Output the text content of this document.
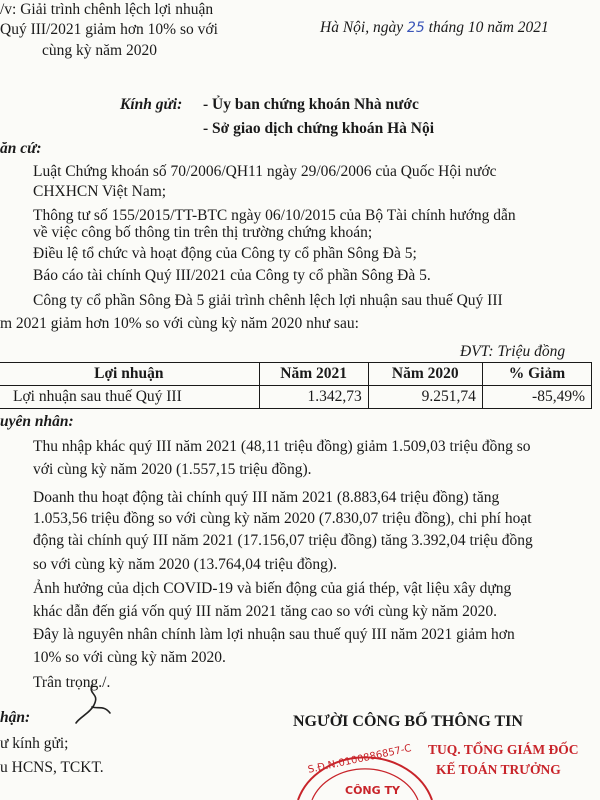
/v: Giải trình chênh lệch lợi nhuận
Quý III/2021 giảm hơn 10% so với
cùng kỳ năm 2020
Hà Nội, ngày 25 tháng 10 năm 2021
Kính gửi: - Ủy ban chứng khoán Nhà nước
- Sở giao dịch chứng khoán Hà Nội
ăn cứ:
Luật Chứng khoán số 70/2006/QH11 ngày 29/06/2006 của Quốc Hội nước
CHXHCN Việt Nam;
Thông tư số 155/2015/TT-BTC ngày 06/10/2015 của Bộ Tài chính hướng dẫn
về việc công bố thông tin trên thị trường chứng khoán;
Điều lệ tổ chức và hoạt động của Công ty cổ phần Sông Đà 5;
Báo cáo tài chính Quý III/2021 của Công ty cổ phần Sông Đà 5.
Công ty cổ phần Sông Đà 5 giải trình chênh lệch lợi nhuận sau thuế Quý III
m 2021 giảm hơn 10% so với cùng kỳ năm 2020 như sau:
ĐVT: Triệu đồng
Lợi nhuận	Năm 2021	Năm 2020	% Giảm
Lợi nhuận sau thuế Quý III	1.342,73	9.251,74	-85,49%
uyên nhân:
Thu nhập khác quý III năm 2021 (48,11 triệu đồng) giảm 1.509,03 triệu đồng so
với cùng kỳ năm 2020 (1.557,15 triệu đồng).
Doanh thu hoạt động tài chính quý III năm 2021 (8.883,64 triệu đồng) tăng
1.053,56 triệu đồng so với cùng kỳ năm 2020 (7.830,07 triệu đồng), chi phí hoạt
động tài chính quý III năm 2021 (17.156,07 triệu đồng) tăng 3.392,04 triệu đồng
so với cùng kỳ năm 2020 (13.764,04 triệu đồng).
Ảnh hưởng của dịch COVID-19 và biến động của giá thép, vật liệu xây dựng
khác dẫn đến giá vốn quý III năm 2021 tăng cao so với cùng kỳ năm 2020.
Đây là nguyên nhân chính làm lợi nhuận sau thuế quý III năm 2021 giảm hơn
10% so với cùng kỳ năm 2020.
Trân trọng./.
hận:
ư kính gửi;
u HCNS, TCKT.
NGƯỜI CÔNG BỐ THÔNG TIN
TUQ. TỔNG GIÁM ĐỐC
KẾ TOÁN TRƯỞNG
S.Đ.N:0100886857-C
CÔNG TY
